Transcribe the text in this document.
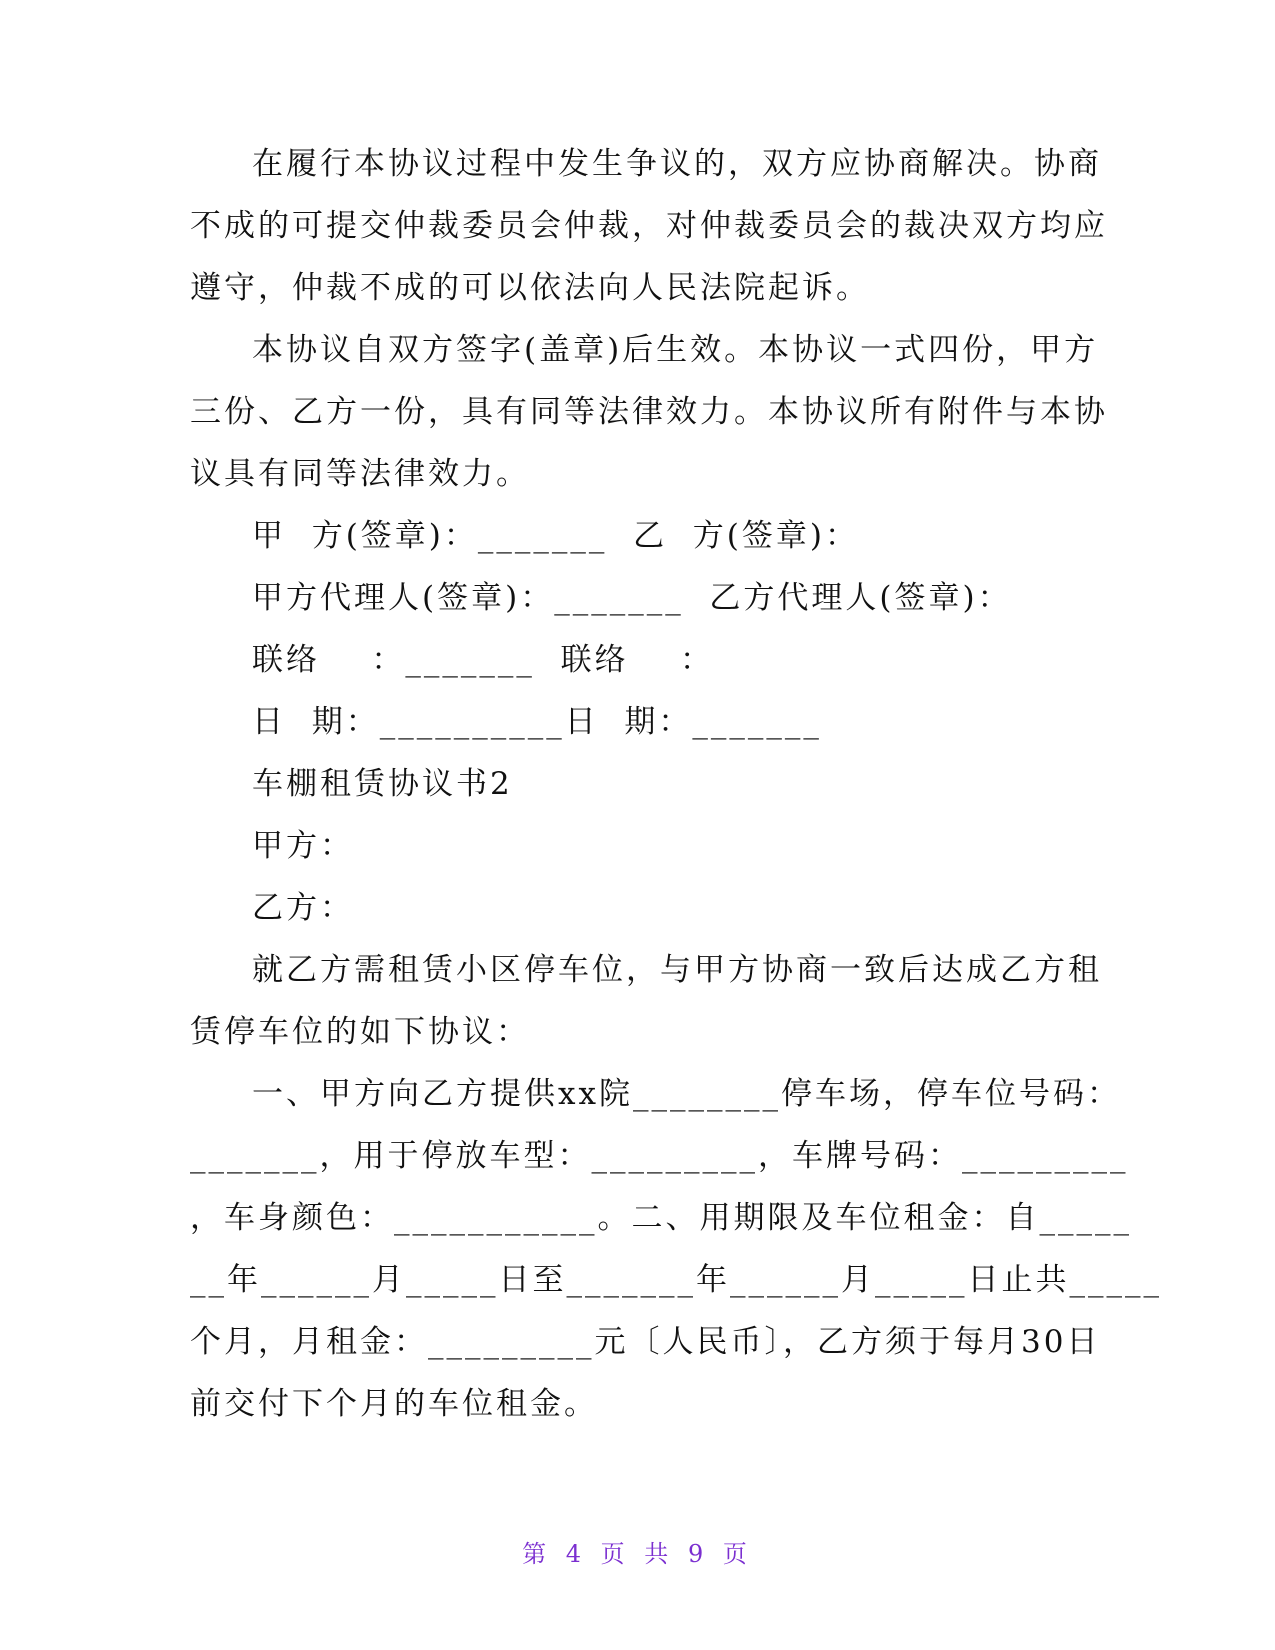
在履行本协议过程中发生争议的，双方应协商解决。协商
不成的可提交仲裁委员会仲裁，对仲裁委员会的裁决双方均应
遵守，仲裁不成的可以依法向人民法院起诉。
本协议自双方签字(盖章)后生效。本协议一式四份，甲方
三份、乙方一份，具有同等法律效力。本协议所有附件与本协
议具有同等法律效力。
甲  方(签章)：_______  乙  方(签章)：
甲方代理人(签章)：_______  乙方代理人(签章)：
联络    ：_______  联络    ：
日  期：__________日  期：_______
车棚租赁协议书2
甲方：
乙方：
就乙方需租赁小区停车位，与甲方协商一致后达成乙方租
赁停车位的如下协议：
一、甲方向乙方提供xx院________停车场，停车位号码：
_______，用于停放车型：_________，车牌号码：_________
，车身颜色：___________。二、用期限及车位租金：自_____
__年______月_____日至_______年______月_____日止共_____
个月，月租金：_________元〔人民币〕，乙方须于每月30日
前交付下个月的车位租金。
第 4 页 共 9 页
